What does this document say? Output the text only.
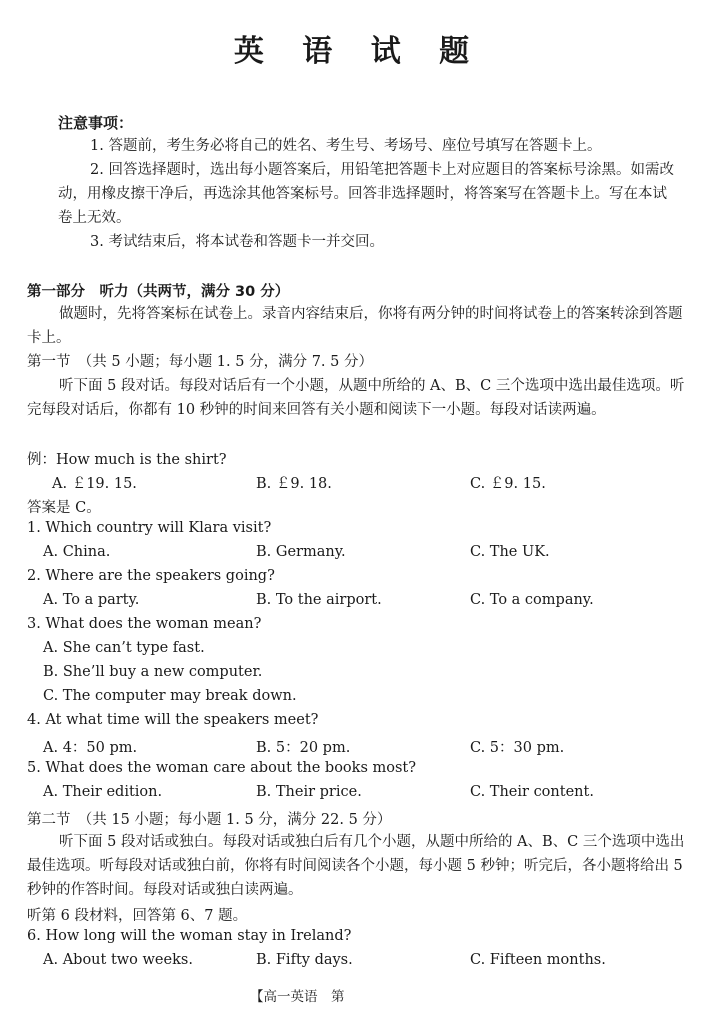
英 语 试 题
注意事项：
1. 答题前，考生务必将自己的姓名、考生号、考场号、座位号填写在答题卡上。
2. 回答选择题时，选出每小题答案后，用铅笔把答题卡上对应题目的答案标号涂黑。如需改动，用橡皮擦干净后，再选涂其他答案标号。回答非选择题时，将答案写在答题卡上。写在本试卷上无效。
3. 考试结束后，将本试卷和答题卡一并交回。
第一部分　听力（共两节，满分 30 分）
做题时，先将答案标在试卷上。录音内容结束后，你将有两分钟的时间将试卷上的答案转涂到答题卡上。
第一节　（共 5 小题；每小题 1. 5 分，满分 7. 5 分）
听下面 5 段对话。每段对话后有一个小题，从题中所给的 A、B、C 三个选项中选出最佳选项。听完每段对话后，你都有 10 秒钟的时间来回答有关小题和阅读下一小题。每段对话读两遍。
例：How much is the shirt?
A. ￡19. 15.	B. ￡9. 18.	C. ￡9. 15.
答案是 C。
1. Which country will Klara visit?
A. China.	B. Germany.	C. The UK.
2. Where are the speakers going?
A. To a party.	B. To the airport.	C. To a company.
3. What does the woman mean?
A. She can’t type fast.
B. She’ll buy a new computer.
C. The computer may break down.
4. At what time will the speakers meet?
A. 4：50 pm.	B. 5：20 pm.	C. 5：30 pm.
5. What does the woman care about the books most?
A. Their edition.	B. Their price.	C. Their content.
第二节　（共 15 小题；每小题 1. 5 分，满分 22. 5 分）
听下面 5 段对话或独白。每段对话或独白后有几个小题，从题中所给的 A、B、C 三个选项中选出最佳选项。听每段对话或独白前，你将有时间阅读各个小题，每小题 5 秒钟；听完后，各小题将给出 5 秒钟的作答时间。每段对话或独白读两遍。
听第 6 段材料，回答第 6、7 题。
6. How long will the woman stay in Ireland?
A. About two weeks.	B. Fifty days.	C. Fifteen months.
【高一英语　第
